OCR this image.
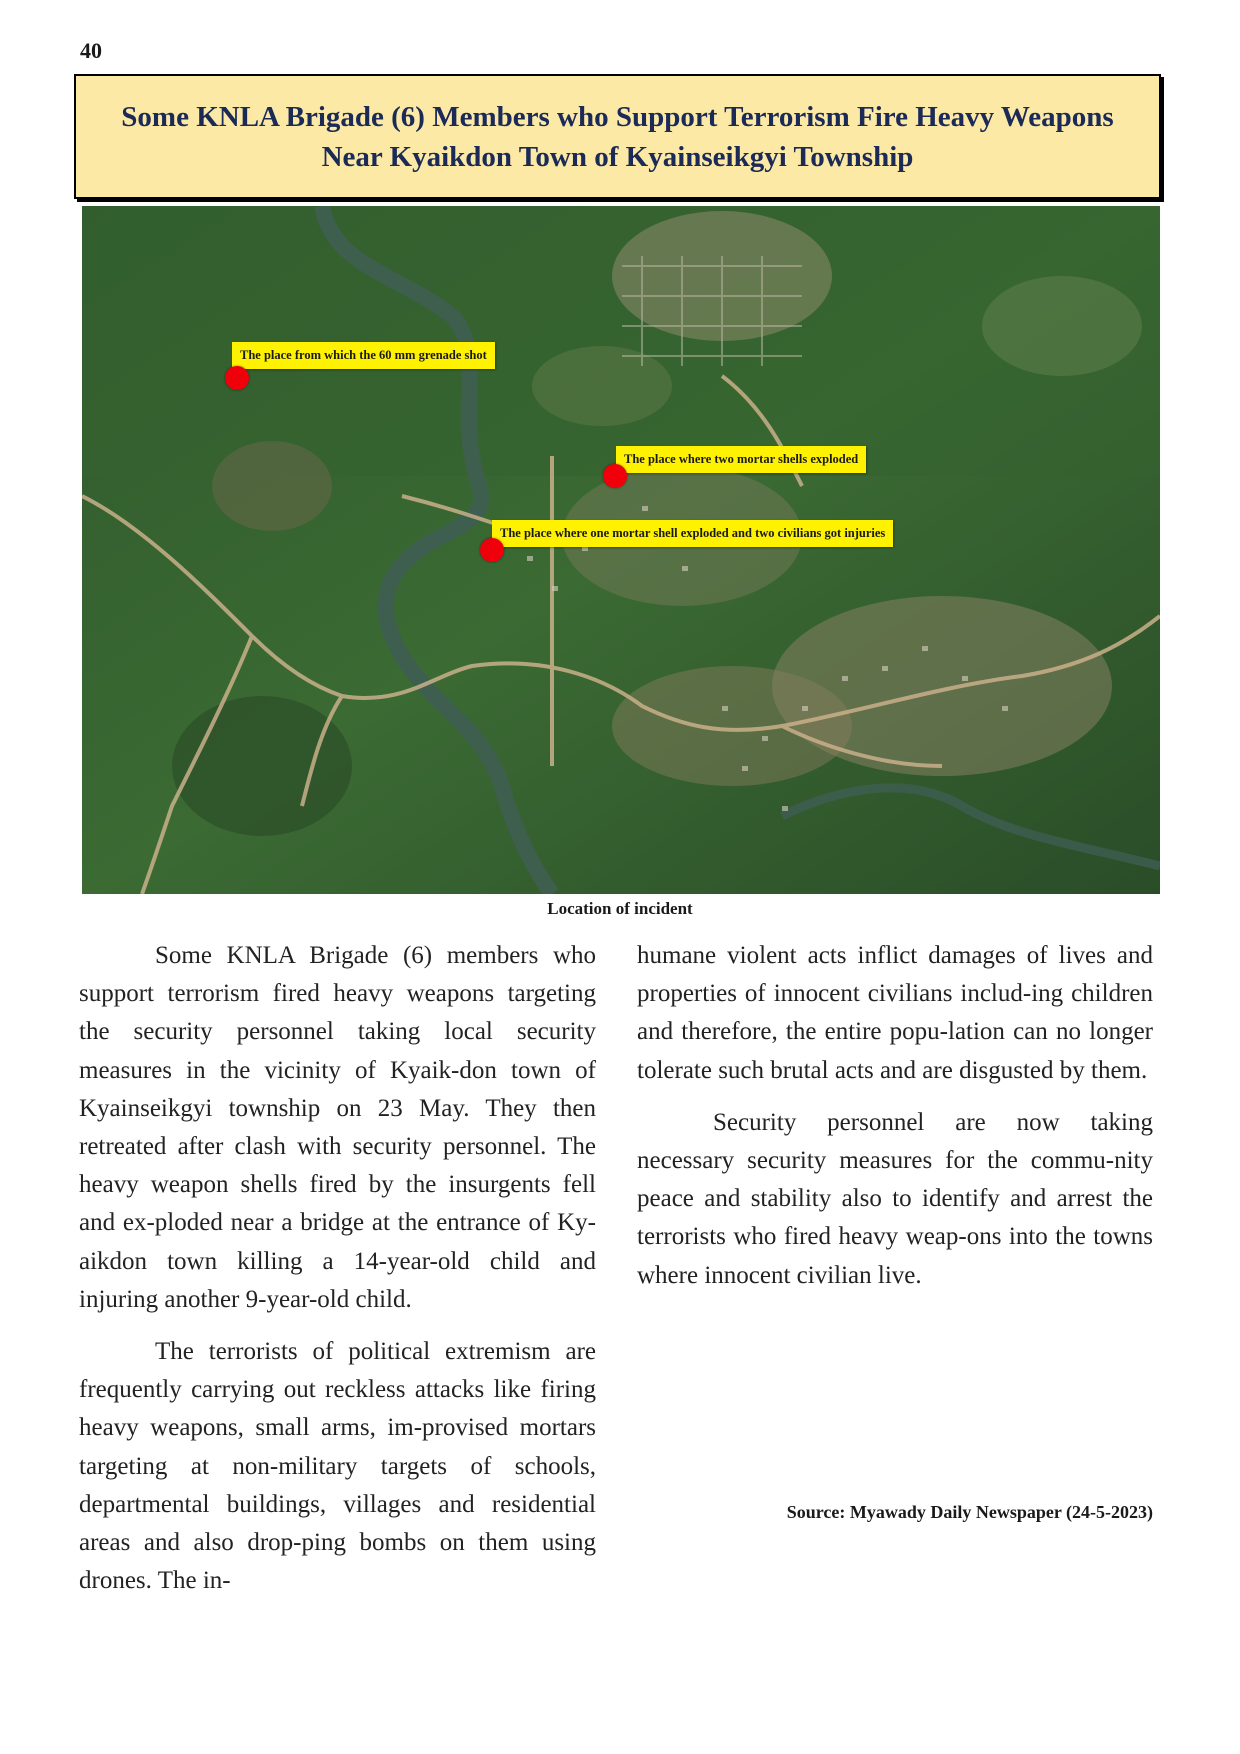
40
Some KNLA Brigade (6) Members who Support Terrorism Fire Heavy Weapons Near Kyaikdon Town of Kyainseikgyi Township
The place from which the 60 mm grenade shot
The place where two mortar shells exploded
The place where one mortar shell exploded and two civilians got injuries
Location of incident

Some KNLA Brigade (6) members who support terrorism fired heavy weapons targeting the security personnel taking local security measures in the vicinity of Kyaik-don town of Kyainseikgyi township on 23 May. They then retreated after clash with security personnel. The heavy weapon shells fired by the insurgents fell and ex-ploded near a bridge at the entrance of Ky-aikdon town killing a 14-year-old child and injuring another 9-year-old child.

The terrorists of political extremism are frequently carrying out reckless attacks like firing heavy weapons, small arms, im-provised mortars targeting at non-military targets of schools, departmental buildings, villages and residential areas and also drop-ping bombs on them using drones. The in-

humane violent acts inflict damages of lives and properties of innocent civilians includ-ing children and therefore, the entire popu-lation can no longer tolerate such brutal acts and are disgusted by them.

Security personnel are now taking necessary security measures for the commu-nity peace and stability also to identify and arrest the terrorists who fired heavy weap-ons into the towns where innocent civilian live.

Source: Myawady Daily Newspaper (24-5-2023)
